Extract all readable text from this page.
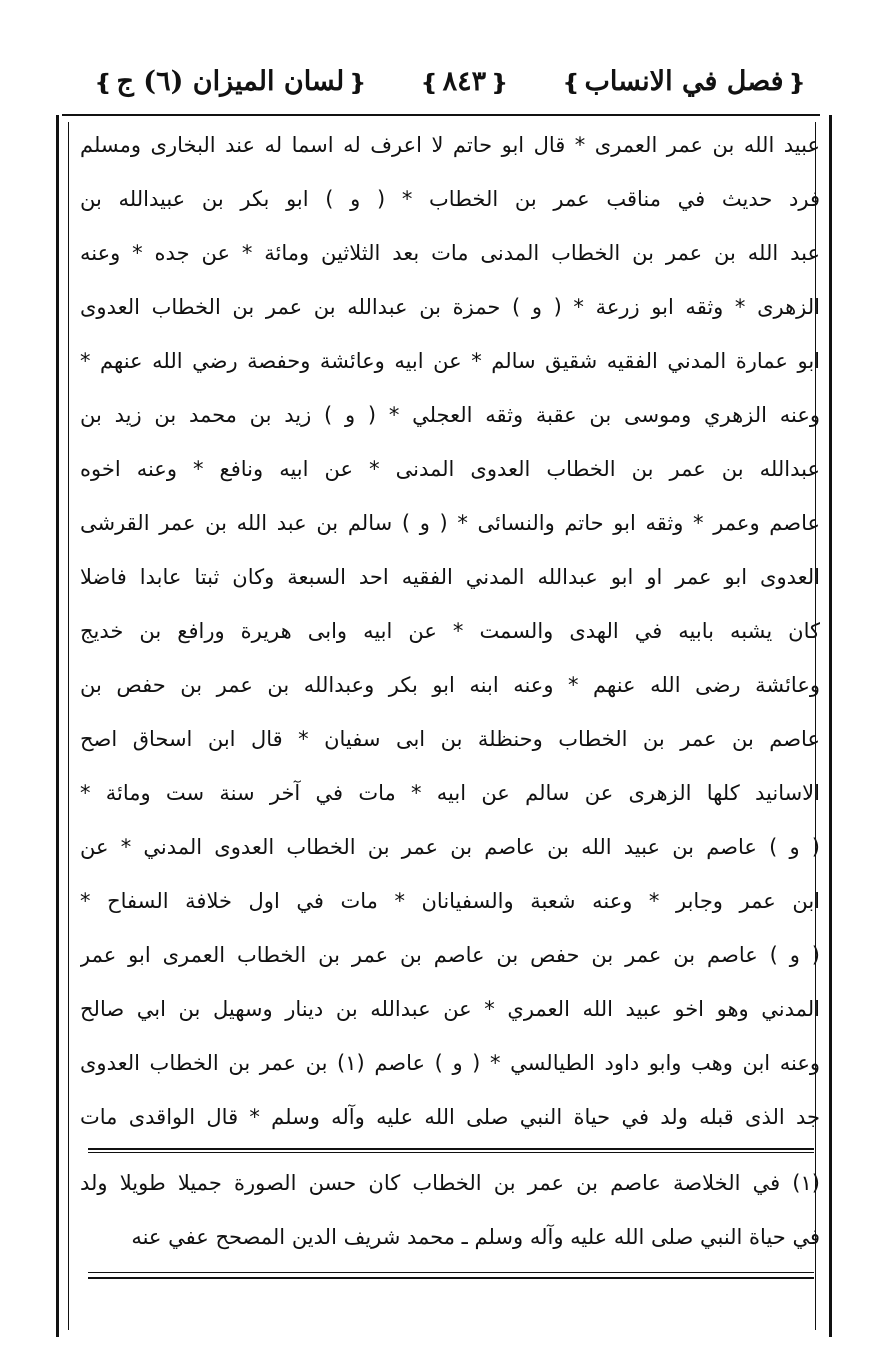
❴فصل في الانساب❵
❴٨٤٣❵
❴لسان الميزان (٦) ج❵
عبيد الله بن عمر العمرى * قال ابو حاتم لا اعرف له اسما له عند البخارى ومسلم
فرد حديث في مناقب عمر بن الخطاب * ( و ) ابو بكر بن عبيدالله بن
عبد الله بن عمر بن الخطاب المدنى مات بعد الثلاثين ومائة * عن جده * وعنه
الزهرى * وثقه ابو زرعة * ( و ) حمزة بن عبدالله بن عمر بن الخطاب العدوى
ابو عمارة المدني الفقيه شقيق سالم * عن ابيه وعائشة وحفصة رضي الله عنهم *
وعنه الزهري وموسى بن عقبة وثقه العجلي * ( و ) زيد بن محمد بن زيد بن
عبدالله بن عمر بن الخطاب العدوى المدنى * عن ابيه ونافع * وعنه اخوه
عاصم وعمر * وثقه ابو حاتم والنسائى * ( و ) سالم بن عبد الله بن عمر القرشى
العدوى ابو عمر او ابو عبدالله المدني الفقيه احد السبعة وكان ثبتا عابدا فاضلا
كان يشبه بابيه في الهدى والسمت * عن ابيه وابى هريرة ورافع بن خديج
وعائشة رضى الله عنهم * وعنه ابنه ابو بكر وعبدالله بن عمر بن حفص بن
عاصم بن عمر بن الخطاب وحنظلة بن ابى سفيان * قال ابن اسحاق اصح
الاسانيد كلها الزهرى عن سالم عن ابيه * مات في آخر سنة ست ومائة *
( و ) عاصم بن عبيد الله بن عاصم بن عمر بن الخطاب العدوى المدني * عن
ابن عمر وجابر * وعنه شعبة والسفيانان * مات في اول خلافة السفاح *
( و ) عاصم بن عمر بن حفص بن عاصم بن عمر بن الخطاب العمرى ابو عمر
المدني وهو اخو عبيد الله العمري * عن عبدالله بن دينار وسهيل بن ابي صالح
وعنه ابن وهب وابو داود الطيالسي * ( و ) عاصم (١) بن عمر بن الخطاب العدوى
جد الذى قبله ولد في حياة النبي صلى الله عليه وآله وسلم * قال الواقدى مات
(١) في الخلاصة عاصم بن عمر بن الخطاب كان حسن الصورة جميلا طويلا ولد
في حياة النبي صلى الله عليه وآله وسلم ـ محمد شريف الدين المصحح عفي عنه
